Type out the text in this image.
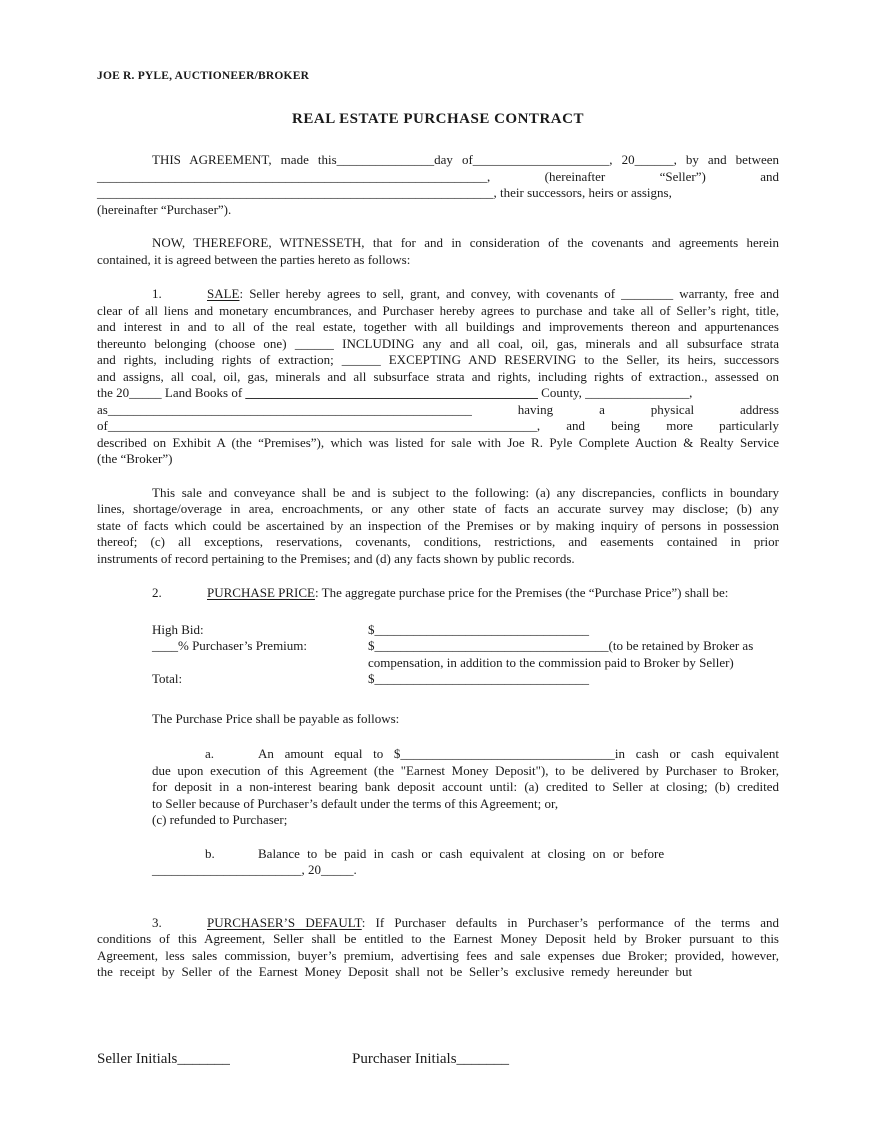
JOE R. PYLE, AUCTIONEER/BROKER
REAL ESTATE PURCHASE CONTRACT
THIS AGREEMENT, made this_______________day of_____________________, 20______, by and between
____________________________________________________________, (hereinafter “Seller”) and
_____________________________________________________________, their successors, heirs or assigns,
(hereinafter “Purchaser”).
NOW, THEREFORE, WITNESSETH, that for and in consideration of the covenants and agreements herein
contained, it is agreed between the parties hereto as follows:
1.	SALE: Seller hereby agrees to sell, grant, and convey, with covenants of ________ warranty, free and
clear of all liens and monetary encumbrances, and Purchaser hereby agrees to purchase and take all of Seller’s right, title,
and interest in and to all of the real estate, together with all buildings and improvements thereon and appurtenances
thereunto belonging (choose one) ______ INCLUDING any and all coal, oil, gas, minerals and all subsurface strata
and rights, including rights of extraction; ______ EXCEPTING AND RESERVING to the Seller, its heirs, successors
and assigns, all coal, oil, gas, minerals and all subsurface strata and rights, including rights of extraction., assessed on
the 20_____ Land Books of _____________________________________________ County, ________________,
as________________________________________________________ having a physical address
of__________________________________________________________________, and being more particularly
described on Exhibit A (the “Premises”), which was listed for sale with Joe R. Pyle Complete Auction & Realty Service
(the “Broker”)
This sale and conveyance shall be and is subject to the following: (a) any discrepancies, conflicts in boundary
lines, shortage/overage in area, encroachments, or any other state of facts an accurate survey may disclose; (b) any
state of facts which could be ascertained by an inspection of the Premises or by making inquiry of persons in possession
thereof; (c) all exceptions, reservations, covenants, conditions, restrictions, and easements contained in prior
instruments of record pertaining to the Premises; and (d) any facts shown by public records.
2.	PURCHASE PRICE: The aggregate purchase price for the Premises (the “Purchase Price”) shall be:
High Bid:	$_________________________________
____% Purchaser’s Premium:	$____________________________________(to be retained by Broker as
compensation, in addition to the commission paid to Broker by Seller)
Total:	$_________________________________
The Purchase Price shall be payable as follows:
a.	An amount equal to $_________________________________in cash or cash equivalent
due upon execution of this Agreement (the "Earnest Money Deposit"), to be delivered by Purchaser to Broker,
for deposit in a non-interest bearing bank deposit account until: (a) credited to Seller at closing; (b) credited
to Seller because of Purchaser’s default under the terms of this Agreement; or,
(c) refunded to Purchaser;
b.	Balance to be paid in cash or cash equivalent at closing on or before
_______________________, 20_____.
3.	PURCHASER’S DEFAULT: If Purchaser defaults in Purchaser’s performance of the terms and
conditions of this Agreement, Seller shall be entitled to the Earnest Money Deposit held by Broker pursuant to this
Agreement, less sales commission, buyer’s premium, advertising fees and sale expenses due Broker; provided, however,
the receipt by Seller of the Earnest Money Deposit shall not be Seller’s exclusive remedy hereunder but
Seller Initials_______	Purchaser Initials_______
